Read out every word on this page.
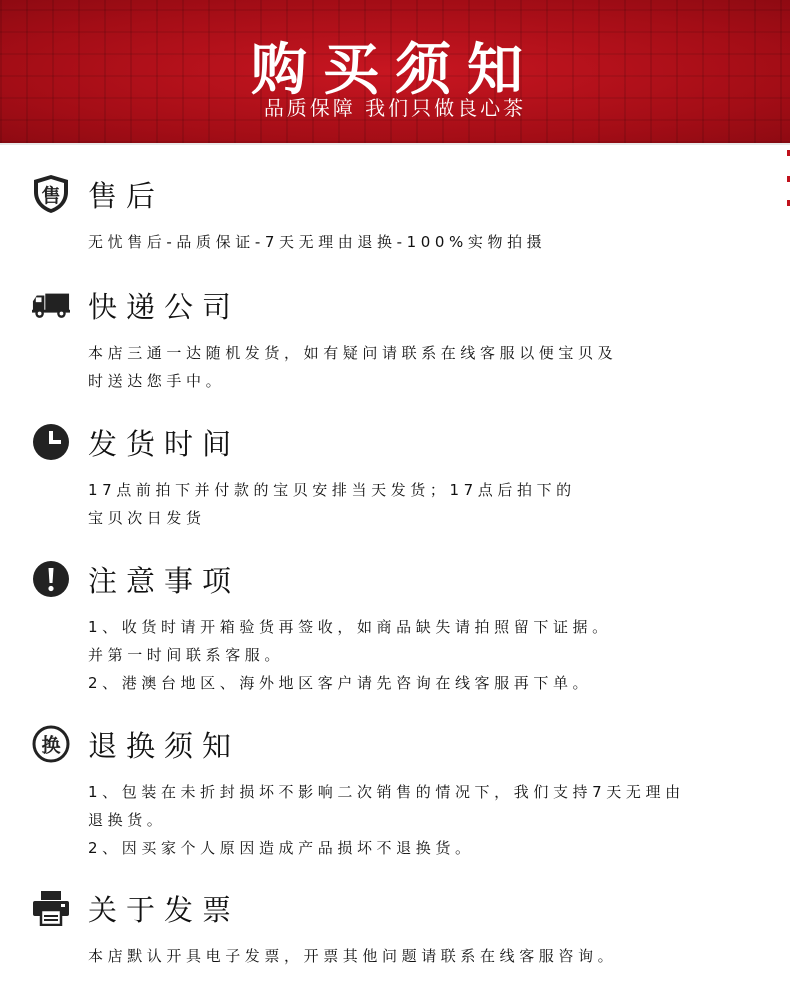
购买须知
品质保障 我们只做良心茶
售 售后
无忧售后-品质保证-7天无理由退换-100%实物拍摄
快递公司
本店三通一达随机发货，如有疑问请联系在线客服以便宝贝及
时送达您手中。
发货时间
17点前拍下并付款的宝贝安排当天发货；17点后拍下的
宝贝次日发货
注意事项
1、收货时请开箱验货再签收，如商品缺失请拍照留下证据。
并第一时间联系客服。
2、港澳台地区、海外地区客户请先咨询在线客服再下单。
换 退换须知
1、包装在未折封损坏不影响二次销售的情况下，我们支持7天无理由
退换货。
2、因买家个人原因造成产品损坏不退换货。
关于发票
本店默认开具电子发票，开票其他问题请联系在线客服咨询。
